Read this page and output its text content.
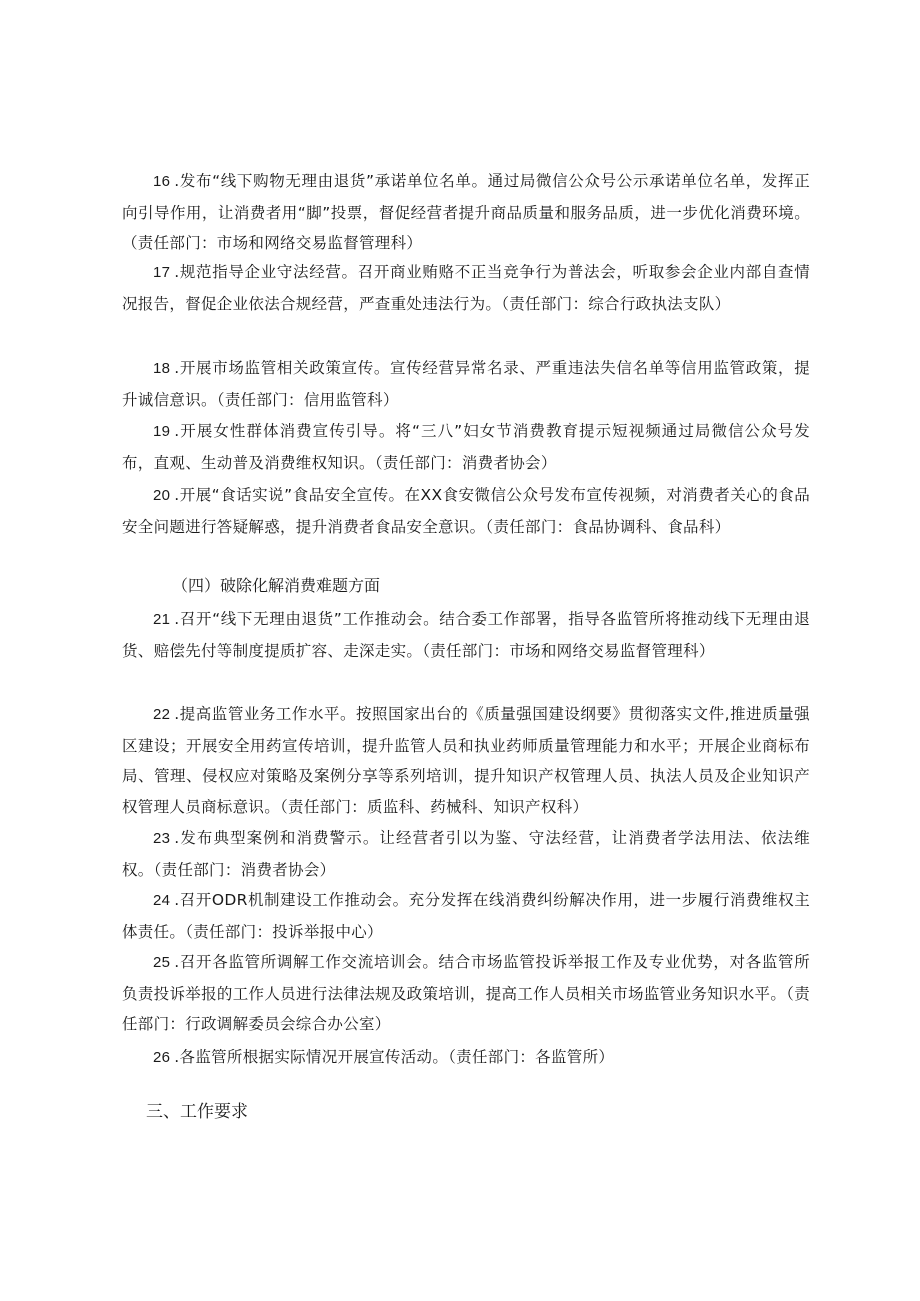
16 .发布“线下购物无理由退货”承诺单位名单。通过局微信公众号公示承诺单位名单，发挥正向引导作用，让消费者用“脚”投票，督促经营者提升商品质量和服务品质，进一步优化消费环境。（责任部门：市场和网络交易监督管理科）

17 .规范指导企业守法经营。召开商业贿赂不正当竞争行为普法会，听取参会企业内部自查情况报告，督促企业依法合规经营，严查重处违法行为。（责任部门：综合行政执法支队）

18 .开展市场监管相关政策宣传。宣传经营异常名录、严重违法失信名单等信用监管政策，提升诚信意识。（责任部门：信用监管科）

19 .开展女性群体消费宣传引导。将“三八”妇女节消费教育提示短视频通过局微信公众号发布，直观、生动普及消费维权知识。（责任部门：消费者协会）

20 .开展“食话实说”食品安全宣传。在XX食安微信公众号发布宣传视频，对消费者关心的食品安全问题进行答疑解惑，提升消费者食品安全意识。（责任部门：食品协调科、食品科）

（四）破除化解消费难题方面

21 .召开“线下无理由退货”工作推动会。结合委工作部署，指导各监管所将推动线下无理由退货、赔偿先付等制度提质扩容、走深走实。（责任部门：市场和网络交易监督管理科）

22 .提高监管业务工作水平。按照国家出台的《质量强国建设纲要》贯彻落实文件,推进质量强区建设；开展安全用药宣传培训，提升监管人员和执业药师质量管理能力和水平；开展企业商标布局、管理、侵权应对策略及案例分享等系列培训，提升知识产权管理人员、执法人员及企业知识产权管理人员商标意识。（责任部门：质监科、药械科、知识产权科）

23 .发布典型案例和消费警示。让经营者引以为鉴、守法经营，让消费者学法用法、依法维权。（责任部门：消费者协会）

24 .召开ODR机制建设工作推动会。充分发挥在线消费纠纷解决作用，进一步履行消费维权主体责任。（责任部门：投诉举报中心）

25 .召开各监管所调解工作交流培训会。结合市场监管投诉举报工作及专业优势，对各监管所负责投诉举报的工作人员进行法律法规及政策培训，提高工作人员相关市场监管业务知识水平。（责任部门：行政调解委员会综合办公室）

26 .各监管所根据实际情况开展宣传活动。（责任部门：各监管所）

三、工作要求
